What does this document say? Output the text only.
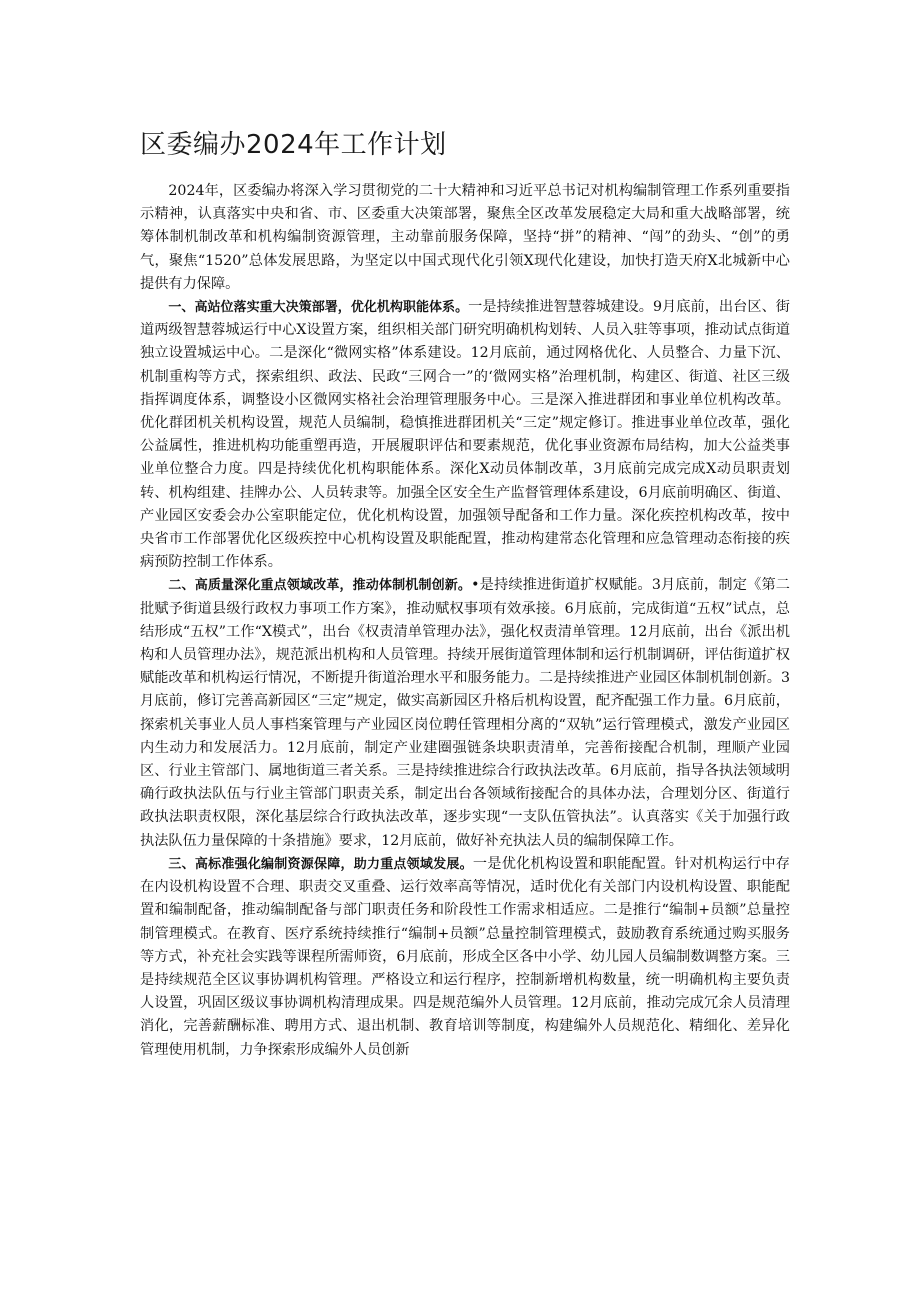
区委编办2024年工作计划

2024年，区委编办将深入学习贯彻党的二十大精神和习近平总书记对机构编制管理工作系列重要指示精神，认真落实中央和省、市、区委重大决策部署，聚焦全区改革发展稳定大局和重大战略部署，统筹体制机制改革和机构编制资源管理，主动靠前服务保障，坚持“拼”的精神、“闯”的劲头、“创”的勇气，聚焦“1520”总体发展思路，为坚定以中国式现代化引领X现代化建设，加快打造天府X北城新中心提供有力保障。

一、高站位落实重大决策部署，优化机构职能体系。一是持续推进智慧蓉城建设。9月底前，出台区、街道两级智慧蓉城运行中心X设置方案，组织相关部门研究明确机构划转、人员入驻等事项，推动试点街道独立设置城运中心。二是深化“微网实格”体系建设。12月底前，通过网格优化、人员整合、力量下沉、机制重构等方式，探索组织、政法、民政“三网合一”的‘微网实格”治理机制，构建区、街道、社区三级指挥调度体系，调整设小区微网实格社会治理管理服务中心。三是深入推进群团和事业单位机构改革。优化群团机关机构设置，规范人员编制，稳慎推进群团机关“三定”规定修订。推进事业单位改革，强化公益属性，推进机构功能重塑再造，开展履职评估和要素规范，优化事业资源布局结构，加大公益类事业单位整合力度。四是持续优化机构职能体系。深化X动员体制改革，3月底前完成完成X动员职责划转、机构组建、挂牌办公、人员转隶等。加强全区安全生产监督管理体系建设，6月底前明确区、街道、产业园区安委会办公室职能定位，优化机构设置，加强领导配备和工作力量。深化疾控机构改革，按中央省市工作部署优化区级疾控中心机构设置及职能配置，推动构建常态化管理和应急管理动态衔接的疾病预防控制工作体系。

二、高质量深化重点领域改革，推动体制机制创新。•是持续推进街道扩权赋能。3月底前，制定《第二批赋予街道县级行政权力事项工作方案》，推动赋权事项有效承接。6月底前，完成街道“五权”试点，总结形成“五权”工作“X模式”，出台《权责清单管理办法》，强化权责清单管理。12月底前，出台《派出机构和人员管理办法》，规范派出机构和人员管理。持续开展街道管理体制和运行机制调研，评估街道扩权赋能改革和机构运行情况，不断提升街道治理水平和服务能力。二是持续推进产业园区体制机制创新。3月底前，修订完善高新园区“三定”规定，做实高新园区升格后机构设置，配齐配强工作力量。6月底前，探索机关事业人员人事档案管理与产业园区岗位聘任管理相分离的“双轨”运行管理模式，激发产业园区内生动力和发展活力。12月底前，制定产业建圈强链条块职责清单，完善衔接配合机制，理顺产业园区、行业主管部门、属地街道三者关系。三是持续推进综合行政执法改革。6月底前，指导各执法领域明确行政执法队伍与行业主管部门职责关系，制定出台各领域衔接配合的具体办法，合理划分区、街道行政执法职责权限，深化基层综合行政执法改革，逐步实现“一支队伍管执法”。认真落实《关于加强行政执法队伍力量保障的十条措施》要求，12月底前，做好补充执法人员的编制保障工作。

三、高标准强化编制资源保障，助力重点领域发展。一是优化机构设置和职能配置。针对机构运行中存在内设机构设置不合理、职责交叉重叠、运行效率高等情况，适时优化有关部门内设机构设置、职能配置和编制配备，推动编制配备与部门职责任务和阶段性工作需求相适应。二是推行“编制+员额”总量控制管理模式。在教育、医疗系统持续推行“编制+员额”总量控制管理模式，鼓励教育系统通过购买服务等方式，补充社会实践等课程所需师资，6月底前，形成全区各中小学、幼儿园人员编制数调整方案。三是持续规范全区议事协调机构管理。严格设立和运行程序，控制新增机构数量，统一明确机构主要负责人设置，巩固区级议事协调机构清理成果。四是规范编外人员管理。12月底前，推动完成冗余人员清理消化，完善薪酬标准、聘用方式、退出机制、教育培训等制度，构建编外人员规范化、精细化、差异化管理使用机制，力争探索形成编外人员创新
